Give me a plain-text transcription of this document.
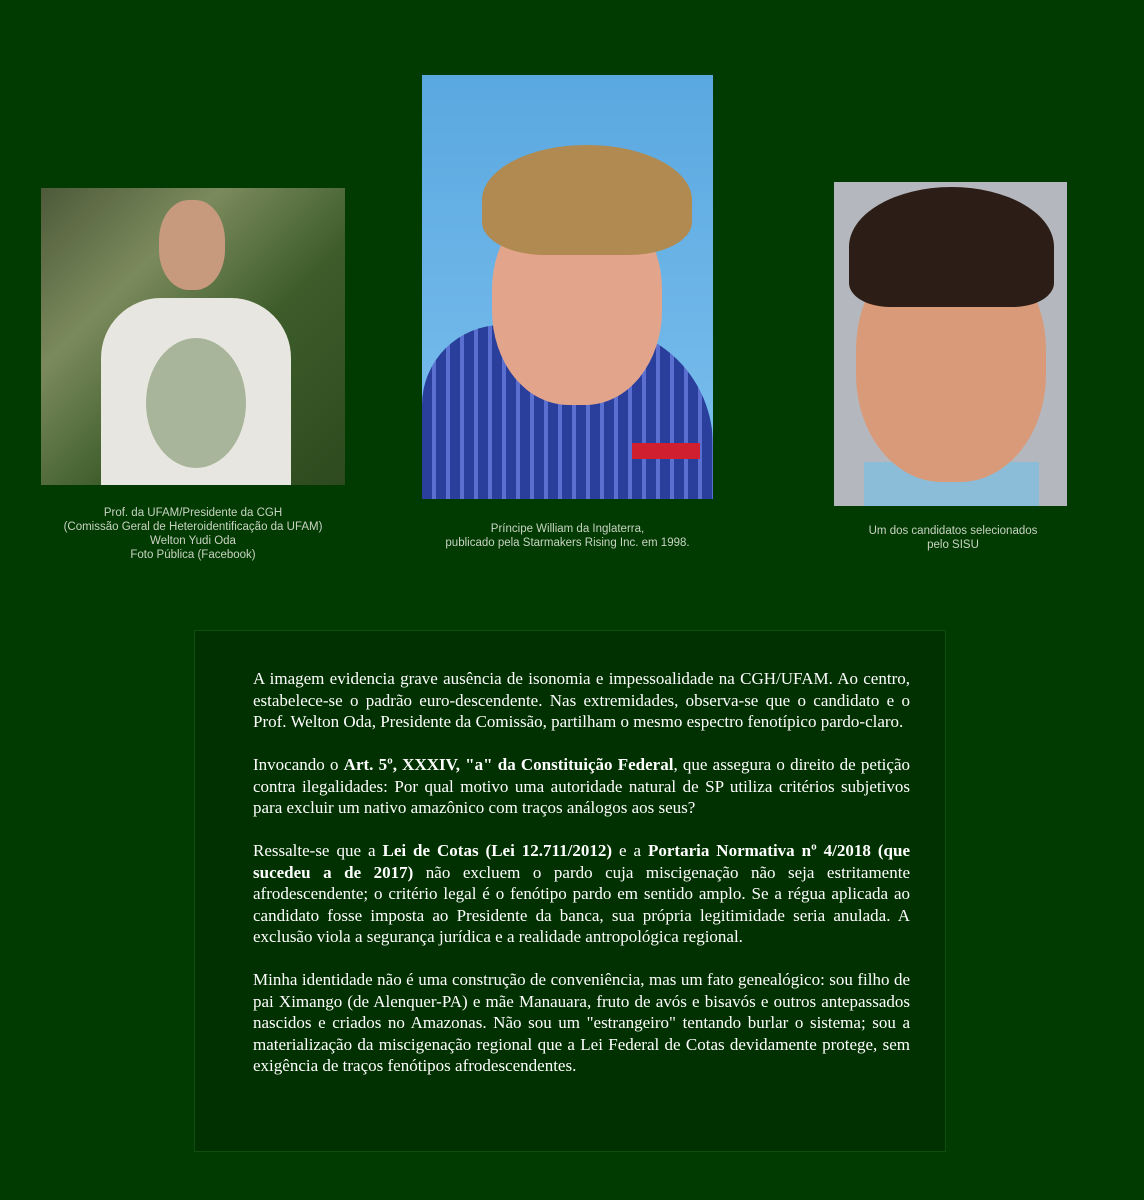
Prof. da UFAM/Presidente da CGH
(Comissão Geral de Heteroidentificação da UFAM)
Welton Yudi Oda
Foto Pública (Facebook)
Príncipe William da Inglaterra,
publicado pela Starmakers Rising Inc. em 1998.
Um dos candidatos selecionados
pelo SISU

A imagem evidencia grave ausência de isonomia e impessoalidade na CGH/UFAM. Ao centro, estabelece-se o padrão euro-descendente. Nas extremidades, observa-se que o candidato e o Prof. Welton Oda, Presidente da Comissão, partilham o mesmo espectro fenotípico pardo-claro.

Invocando o Art. 5º, XXXIV, "a" da Constituição Federal, que assegura o direito de petição contra ilegalidades: Por qual motivo uma autoridade natural de SP utiliza critérios subjetivos para excluir um nativo amazônico com traços análogos aos seus?

Ressalte-se que a Lei de Cotas (Lei 12.711/2012) e a Portaria Normativa nº 4/2018 (que sucedeu a de 2017) não excluem o pardo cuja miscigenação não seja estritamente afrodescendente; o critério legal é o fenótipo pardo em sentido amplo. Se a régua aplicada ao candidato fosse imposta ao Presidente da banca, sua própria legitimidade seria anulada. A exclusão viola a segurança jurídica e a realidade antropológica regional.

Minha identidade não é uma construção de conveniência, mas um fato genealógico: sou filho de pai Ximango (de Alenquer-PA) e mãe Manauara, fruto de avós e bisavós e outros antepassados nascidos e criados no Amazonas. Não sou um "estrangeiro" tentando burlar o sistema; sou a materialização da miscigenação regional que a Lei Federal de Cotas devidamente protege, sem exigência de traços fenótipos afrodescendentes.
